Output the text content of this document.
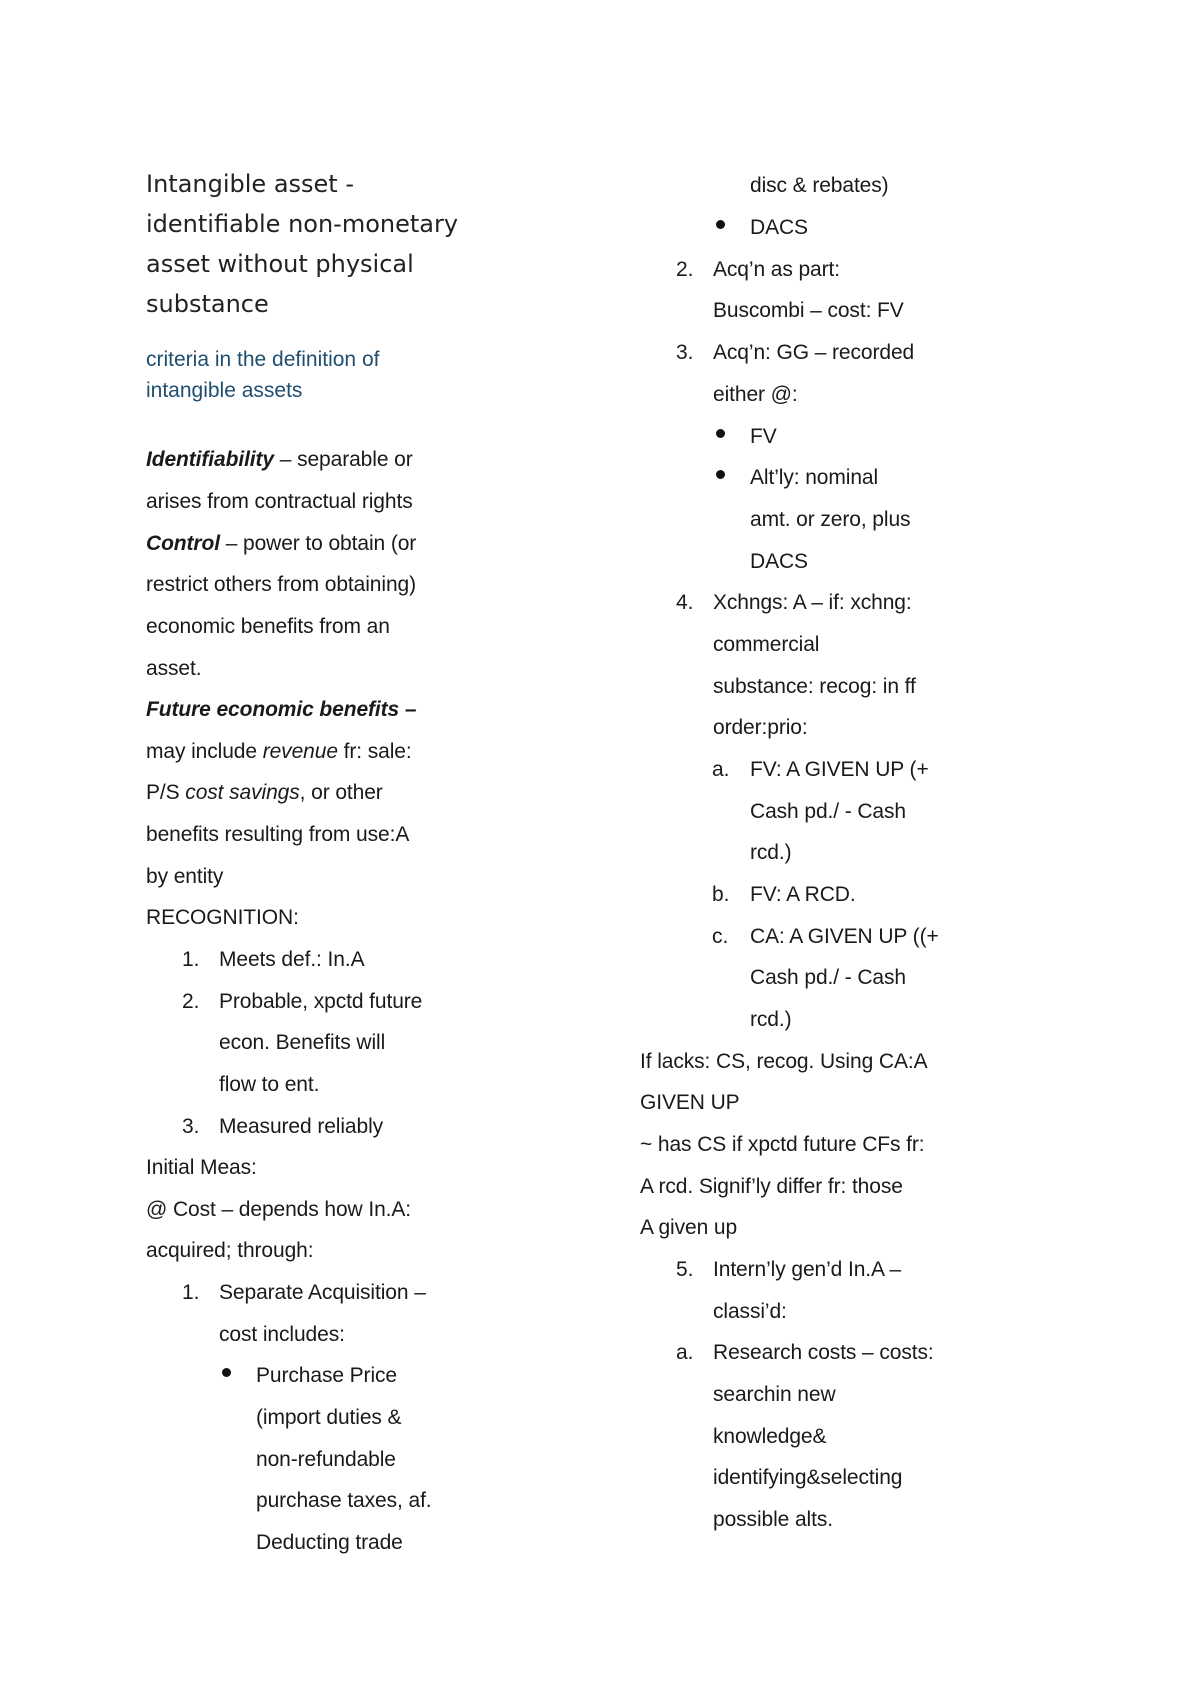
Intangible asset -
identifiable non-monetary
asset without physical
substance
criteria in the definition of
intangible assets
Identifiability – separable or
arises from contractual rights
Control – power to obtain (or
restrict others from obtaining)
economic benefits from an
asset.
Future economic benefits –
may include revenue fr: sale:
P/S cost savings, or other
benefits resulting from use:A
by entity
RECOGNITION:
1. Meets def.: In.A
2. Probable, xpctd future
econ. Benefits will
flow to ent.
3. Measured reliably
Initial Meas:
@ Cost – depends how In.A:
acquired; through:
1. Separate Acquisition –
cost includes:
Purchase Price
(import duties &
non-refundable
purchase taxes, af.
Deducting trade
disc & rebates)
DACS
2. Acq’n as part:
Buscombi – cost: FV
3. Acq’n: GG – recorded
either @:
FV
Alt’ly: nominal
amt. or zero, plus
DACS
4. Xchngs: A – if: xchng:
commercial
substance: recog: in ff
order:prio:
a. FV: A GIVEN UP (+
Cash pd./ - Cash
rcd.)
b. FV: A RCD.
c. CA: A GIVEN UP ((+
Cash pd./ - Cash
rcd.)
If lacks: CS, recog. Using CA:A
GIVEN UP
~ has CS if xpctd future CFs fr:
A rcd. Signif’ly differ fr: those
A given up
5. Intern’ly gen’d In.A –
classi’d:
a. Research costs – costs:
searchin new
knowledge&
identifying&selecting
possible alts.
